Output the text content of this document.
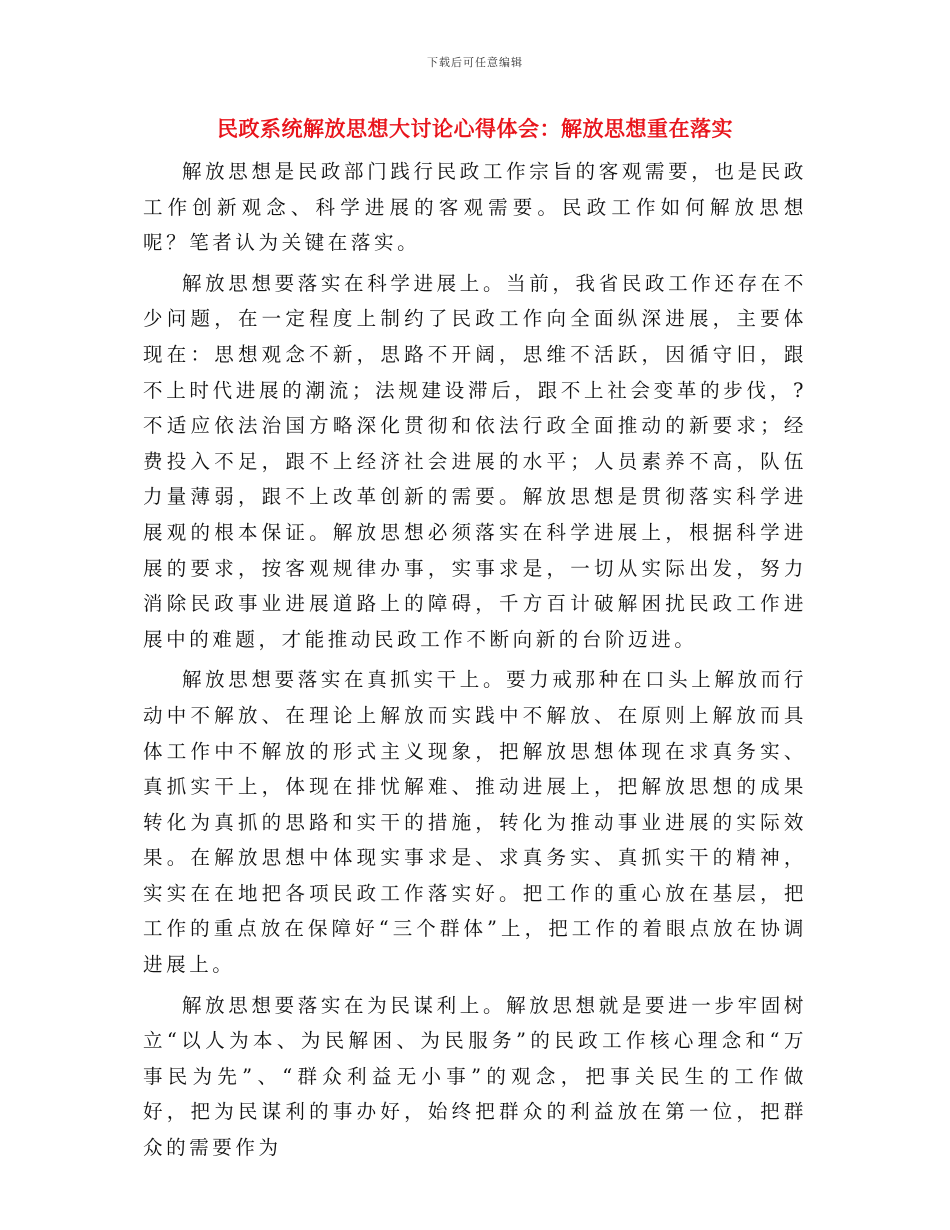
下载后可任意编辑
民政系统解放思想大讨论心得体会：解放思想重在落实

解放思想是民政部门践行民政工作宗旨的客观需要，也是民政工作创新观念、科学进展的客观需要。民政工作如何解放思想呢？笔者认为关键在落实。

解放思想要落实在科学进展上。当前，我省民政工作还存在不少问题，在一定程度上制约了民政工作向全面纵深进展，主要体现在：思想观念不新，思路不开阔，思维不活跃，因循守旧，跟不上时代进展的潮流；法规建设滞后，跟不上社会变革的步伐，?不适应依法治国方略深化贯彻和依法行政全面推动的新要求；经费投入不足，跟不上经济社会进展的水平；人员素养不高，队伍力量薄弱，跟不上改革创新的需要。解放思想是贯彻落实科学进展观的根本保证。解放思想必须落实在科学进展上，根据科学进展的要求，按客观规律办事，实事求是，一切从实际出发，努力消除民政事业进展道路上的障碍，千方百计破解困扰民政工作进展中的难题，才能推动民政工作不断向新的台阶迈进。

解放思想要落实在真抓实干上。要力戒那种在口头上解放而行动中不解放、在理论上解放而实践中不解放、在原则上解放而具体工作中不解放的形式主义现象，把解放思想体现在求真务实、真抓实干上，体现在排忧解难、推动进展上，把解放思想的成果转化为真抓的思路和实干的措施，转化为推动事业进展的实际效果。在解放思想中体现实事求是、求真务实、真抓实干的精神，实实在在地把各项民政工作落实好。把工作的重心放在基层，把工作的重点放在保障好“三个群体”上，把工作的着眼点放在协调进展上。

解放思想要落实在为民谋利上。解放思想就是要进一步牢固树立“以人为本、为民解困、为民服务”的民政工作核心理念和“万事民为先”、“群众利益无小事”的观念，把事关民生的工作做好，把为民谋利的事办好，始终把群众的利益放在第一位，把群众的需要作为
